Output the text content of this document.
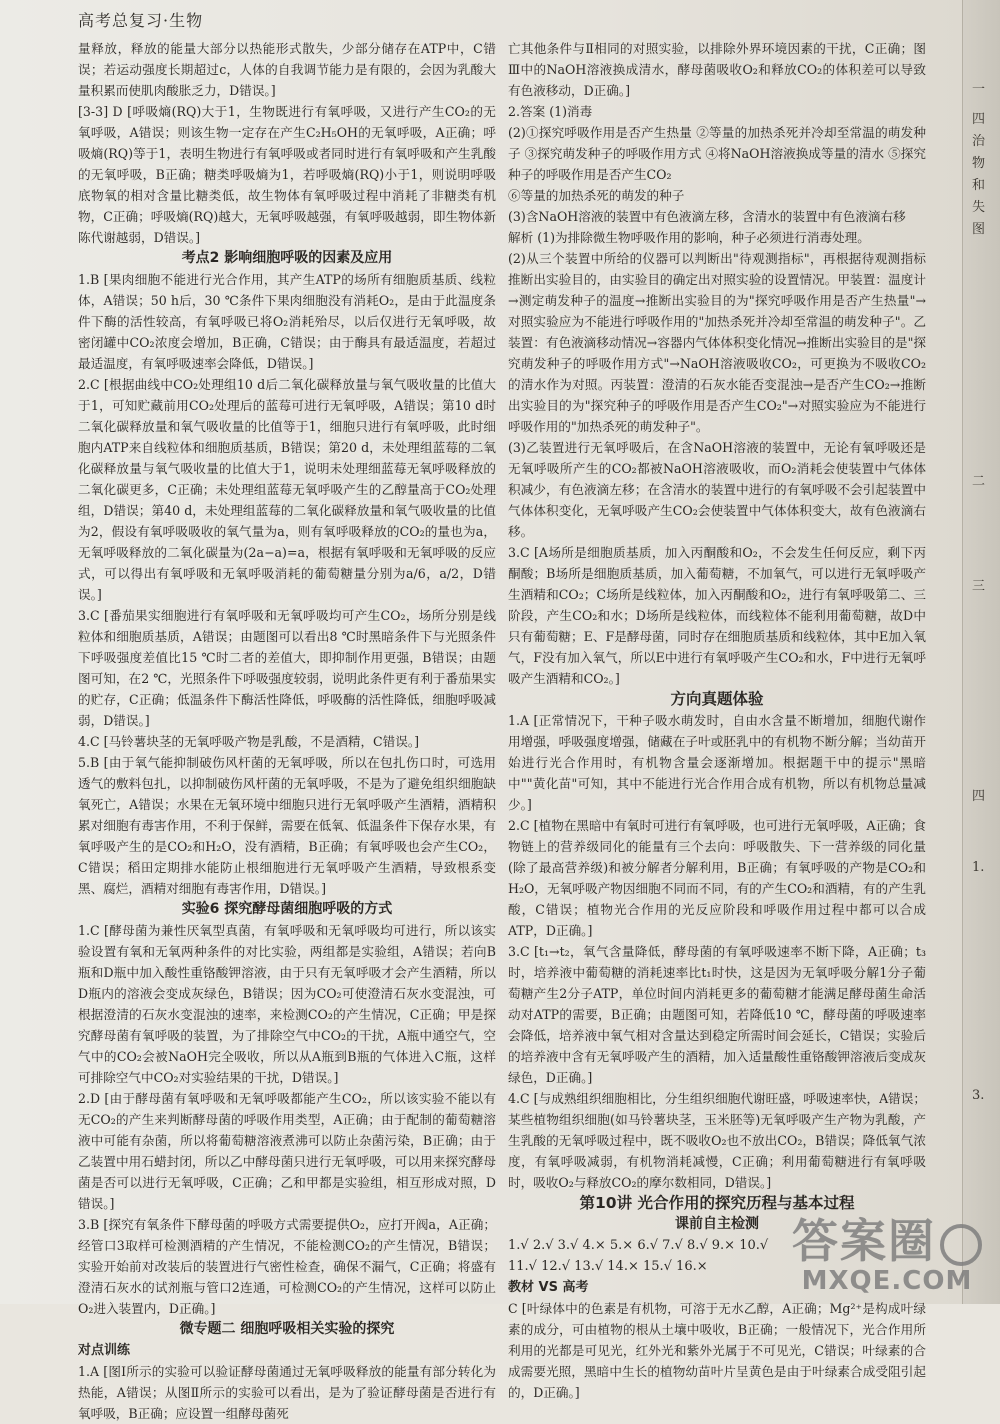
高考总复习·生物

量释放，释放的能量大部分以热能形式散失，少部分储存在ATP中，C错误；若运动强度长期超过c，人体的自我调节能力是有限的，会因为乳酸大量积累而使肌肉酸胀乏力，D错误。]

[3-3] D [呼吸熵(RQ)大于1，生物既进行有氧呼吸，又进行产生CO₂的无氧呼吸，A错误；则该生物一定存在产生C₂H₅OH的无氧呼吸，A正确；呼吸熵(RQ)等于1，表明生物进行有氧呼吸或者同时进行有氧呼吸和产生乳酸的无氧呼吸，B正确；糖类呼吸熵为1，若呼吸熵(RQ)小于1，则说明呼吸底物氧的相对含量比糖类低，故生物体有氧呼吸过程中消耗了非糖类有机物，C正确；呼吸熵(RQ)越大，无氧呼吸越强，有氧呼吸越弱，即生物体新陈代谢越弱，D错误。]

考点2 影响细胞呼吸的因素及应用

1.B [果肉细胞不能进行光合作用，其产生ATP的场所有细胞质基质、线粒体，A错误；50 h后，30 ℃条件下果肉细胞没有消耗O₂，是由于此温度条件下酶的活性较高，有氧呼吸已将O₂消耗殆尽，以后仅进行无氧呼吸，故密闭罐中CO₂浓度会增加，B正确，C错误；由于酶具有最适温度，若超过最适温度，有氧呼吸速率会降低，D错误。]

2.C [根据曲线中CO₂处理组10 d后二氧化碳释放量与氧气吸收量的比值大于1，可知贮藏前用CO₂处理后的蓝莓可进行无氧呼吸，A错误；第10 d时二氧化碳释放量和氧气吸收量的比值等于1，细胞只进行有氧呼吸，此时细胞内ATP来自线粒体和细胞质基质，B错误；第20 d，未处理组蓝莓的二氧化碳释放量与氧气吸收量的比值大于1，说明未处理细蓝莓无氧呼吸释放的二氧化碳更多，C正确；未处理组蓝莓无氧呼吸产生的乙醇量高于CO₂处理组，D错误；第40 d，未处理组蓝莓的二氧化碳释放量和氧气吸收量的比值为2，假设有氧呼吸吸收的氧气量为a，则有氧呼吸释放的CO₂的量也为a，无氧呼吸释放的二氧化碳量为(2a−a)=a，根据有氧呼吸和无氧呼吸的反应式，可以得出有氧呼吸和无氧呼吸消耗的葡萄糖量分别为a/6，a/2，D错误。]

3.C [番茄果实细胞进行有氧呼吸和无氧呼吸均可产生CO₂，场所分别是线粒体和细胞质基质，A错误；由题图可以看出8 ℃时黑暗条件下与光照条件下呼吸强度差值比15 ℃时二者的差值大，即抑制作用更强，B错误；由题图可知，在2 ℃，光照条件下呼吸强度较弱，说明此条件更有利于番茄果实的贮存，C正确；低温条件下酶活性降低，呼吸酶的活性降低，细胞呼吸减弱，D错误。]

4.C [马铃薯块茎的无氧呼吸产物是乳酸，不是酒精，C错误。]

5.B [由于氧气能抑制破伤风杆菌的无氧呼吸，所以在包扎伤口时，可选用透气的敷料包扎，以抑制破伤风杆菌的无氧呼吸，不是为了避免组织细胞缺氧死亡，A错误；水果在无氧环境中细胞只进行无氧呼吸产生酒精，酒精积累对细胞有毒害作用，不利于保鲜，需要在低氧、低温条件下保存水果，有氧呼吸产生的是CO₂和H₂O，没有酒精，B正确；有氧呼吸也会产生CO₂，C错误；稻田定期排水能防止根细胞进行无氧呼吸产生酒精，导致根系变黑、腐烂，酒精对细胞有毒害作用，D错误。]

实验6 探究酵母菌细胞呼吸的方式

1.C [酵母菌为兼性厌氧型真菌，有氧呼吸和无氧呼吸均可进行，所以该实验设置有氧和无氧两种条件的对比实验，两组都是实验组，A错误；若向B瓶和D瓶中加入酸性重铬酸钾溶液，由于只有无氧呼吸才会产生酒精，所以D瓶内的溶液会变成灰绿色，B错误；因为CO₂可使澄清石灰水变混浊，可根据澄清的石灰水变混浊的速率，来检测CO₂的产生情况，C正确；甲是探究酵母菌有氧呼吸的装置，为了排除空气中CO₂的干扰，A瓶中通空气，空气中的CO₂会被NaOH完全吸收，所以从A瓶到B瓶的气体进入C瓶，这样可排除空气中CO₂对实验结果的干扰，D错误。]

2.D [由于酵母菌有氧呼吸和无氧呼吸都能产生CO₂，所以该实验不能以有无CO₂的产生来判断酵母菌的呼吸作用类型，A正确；由于配制的葡萄糖溶液中可能有杂菌，所以将葡萄糖溶液煮沸可以防止杂菌污染，B正确；由于乙装置中用石蜡封闭，所以乙中酵母菌只进行无氧呼吸，可以用来探究酵母菌是否可以进行无氧呼吸，C正确；乙和甲都是实验组，相互形成对照，D错误。]

3.B [探究有氧条件下酵母菌的呼吸方式需要提供O₂，应打开阀a，A正确；经管口3取样可检测酒精的产生情况，不能检测CO₂的产生情况，B错误；实验开始前对改装后的装置进行气密性检查，确保不漏气，C正确；将盛有澄清石灰水的试剂瓶与管口2连通，可检测CO₂的产生情况，这样可以防止O₂进入装置内，D正确。]

微专题二 细胞呼吸相关实验的探究

对点训练

1.A [图Ⅰ所示的实验可以验证酵母菌通过无氧呼吸释放的能量有部分转化为热能，A错误；从图Ⅱ所示的实验可以看出，是为了验证酵母菌是否进行有氧呼吸，B正确；应设置一组酵母菌死

亡其他条件与Ⅱ相同的对照实验，以排除外界环境因素的干扰，C正确；图Ⅲ中的NaOH溶液换成清水，酵母菌吸收O₂和释放CO₂的体积差可以导致有色液移动，D正确。]

2.答案 (1)消毒

(2)①探究呼吸作用是否产生热量 ②等量的加热杀死并冷却至常温的萌发种子 ③探究萌发种子的呼吸作用方式 ④将NaOH溶液换成等量的清水 ⑤探究种子的呼吸作用是否产生CO₂

⑥等量的加热杀死的萌发的种子

(3)含NaOH溶液的装置中有色液滴左移，含清水的装置中有色液滴右移

解析 (1)为排除微生物呼吸作用的影响，种子必须进行消毒处理。

(2)从三个装置中所给的仪器可以判断出"待观测指标"，再根据待观测指标推断出实验目的，由实验目的确定出对照实验的设置情况。甲装置：温度计→测定萌发种子的温度→推断出实验目的为"探究呼吸作用是否产生热量"→对照实验应为不能进行呼吸作用的"加热杀死并冷却至常温的萌发种子"。乙装置：有色液滴移动情况→容器内气体体积变化情况→推断出实验目的是"探究萌发种子的呼吸作用方式"→NaOH溶液吸收CO₂，可更换为不吸收CO₂的清水作为对照。丙装置：澄清的石灰水能否变混浊→是否产生CO₂→推断出实验目的为"探究种子的呼吸作用是否产生CO₂"→对照实验应为不能进行呼吸作用的"加热杀死的萌发种子"。

(3)乙装置进行无氧呼吸后，在含NaOH溶液的装置中，无论有氧呼吸还是无氧呼吸所产生的CO₂都被NaOH溶液吸收，而O₂消耗会使装置中气体体积减少，有色液滴左移；在含清水的装置中进行的有氧呼吸不会引起装置中气体体积变化，无氧呼吸产生CO₂会使装置中气体体积变大，故有色液滴右移。

3.C [A场所是细胞质基质，加入丙酮酸和O₂，不会发生任何反应，剩下丙酮酸；B场所是细胞质基质，加入葡萄糖，不加氧气，可以进行无氧呼吸产生酒精和CO₂；C场所是线粒体，加入丙酮酸和O₂，进行有氧呼吸第二、三阶段，产生CO₂和水；D场所是线粒体，而线粒体不能利用葡萄糖，故D中只有葡萄糖；E、F是酵母菌，同时存在细胞质基质和线粒体，其中E加入氧气，F没有加入氧气，所以E中进行有氧呼吸产生CO₂和水，F中进行无氧呼吸产生酒精和CO₂。]

方向真题体验

1.A [正常情况下，干种子吸水萌发时，自由水含量不断增加，细胞代谢作用增强，呼吸强度增强，储藏在子叶或胚乳中的有机物不断分解；当幼苗开始进行光合作用时，有机物含量会逐渐增加。根据题干中的提示"黑暗中""黄化苗"可知，其中不能进行光合作用合成有机物，所以有机物总量减少。]

2.C [植物在黑暗中有氧时可进行有氧呼吸，也可进行无氧呼吸，A正确；食物链上的营养级同化的能量有三个去向：呼吸散失、下一营养级的同化量(除了最高营养级)和被分解者分解利用，B正确；有氧呼吸的产物是CO₂和H₂O，无氧呼吸产物因细胞不同而不同，有的产生CO₂和酒精，有的产生乳酸，C错误；植物光合作用的光反应阶段和呼吸作用过程中都可以合成ATP，D正确。]

3.C [t₁→t₂，氧气含量降低，酵母菌的有氧呼吸速率不断下降，A正确；t₃时，培养液中葡萄糖的消耗速率比t₁时快，这是因为无氧呼吸分解1分子葡萄糖产生2分子ATP，单位时间内消耗更多的葡萄糖才能满足酵母菌生命活动对ATP的需要，B正确；由题图可知，若降低10 ℃，酵母菌的呼吸速率会降低，培养液中氧气相对含量达到稳定所需时间会延长，C错误；实验后的培养液中含有无氧呼吸产生的酒精，加入适量酸性重铬酸钾溶液后变成灰绿色，D正确。]

4.C [与成熟组织细胞相比，分生组织细胞代谢旺盛，呼吸速率快，A错误；某些植物组织细胞(如马铃薯块茎，玉米胚等)无氧呼吸产生产物为乳酸，产生乳酸的无氧呼吸过程中，既不吸收O₂也不放出CO₂，B错误；降低氧气浓度，有氧呼吸减弱，有机物消耗减慢，C正确；利用葡萄糖进行有氧呼吸时，吸收O₂与释放CO₂的摩尔数相同，D错误。]

第10讲 光合作用的探究历程与基本过程

课前自主检测

1.√ 2.√ 3.√ 4.× 5.× 6.√ 7.√ 8.√ 9.× 10.√

11.√ 12.√ 13.√ 14.× 15.√ 16.×

教材 VS 高考

C [叶绿体中的色素是有机物，可溶于无水乙醇，A正确；Mg²⁺是构成叶绿素的成分，可由植物的根从土壤中吸收，B正确；一般情况下，光合作用所利用的光都是可见光，红外光和紫外光属于不可见光，C错误；叶绿素的合成需要光照，黑暗中生长的植物幼苗叶片呈黄色是由于叶绿素合成受阻引起的，D正确。]

一
四
治
物
和
失
图
二
三
四
1.
3.
答案圈
MXQE.COM
